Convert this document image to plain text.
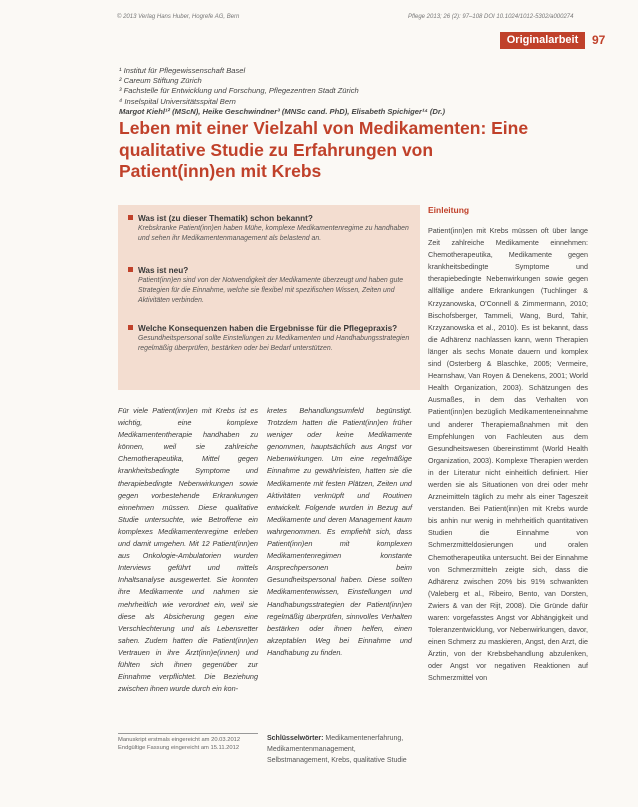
© 2013 Verlag Hans Huber, Hogrefe AG, Bern	Pflege 2013; 26 (2): 97–108 DOI 10.1024/1012-5302/a000274
Originalarbeit	97
¹ Institut für Pflegewissenschaft Basel
² Careum Stiftung Zürich
³ Fachstelle für Entwicklung und Forschung, Pflegezentren Stadt Zürich
⁴ Inselspital Universitätsspital Bern
Margot Kiehl¹² (MScN), Heike Geschwindner³ (MNSc cand. PhD), Elisabeth Spichiger¹⁴ (Dr.)
Leben mit einer Vielzahl von Medikamenten: Eine qualitative Studie zu Erfahrungen von Patient(inn)en mit Krebs
Was ist (zu dieser Thematik) schon bekannt?
Krebskranke Patient(inn)en haben Mühe, komplexe Medikamentenregime zu handhaben und sehen ihr Medikamentenmanagement als belastend an.
Was ist neu?
Patient(inn)en sind von der Notwendigkeit der Medikamente überzeugt und haben gute Strategien für die Einnahme, welche sie flexibel mit spezifischen Wissen, Zeiten und Aktivitäten verbinden.
Welche Konsequenzen haben die Ergebnisse für die Pflegepraxis?
Gesundheitspersonal sollte Einstellungen zu Medikamenten und Handhabungsstrategien regelmäßig überprüfen, bestärken oder bei Bedarf unterstützen.
Für viele Patient(inn)en mit Krebs ist es wichtig, eine komplexe Medikamententherapie handhaben zu können, weil sie zahlreiche Chemotherapeutika, Mittel gegen krankheitsbedingte Symptome und therapiebedingte Nebenwirkungen sowie gegen vorbestehende Erkrankungen einnehmen müssen. Diese qualitative Studie untersuchte, wie Betroffene ein komplexes Medikamentenregime erleben und damit umgehen. Mit 12 Patient(inn)en aus Onkologie-Ambulatorien wurden Interviews geführt und mittels Inhaltsanalyse ausgewertet. Sie konnten ihre Medikamente und nahmen sie mehrheitlich wie verordnet ein, weil sie diese als Absicherung gegen eine Verschlechterung und als Lebensretter sahen. Zudem hatten die Patient(inn)en Vertrauen in ihre Ärzt(inn)e(innen) und fühlten sich ihnen gegenüber zur Einnahme verpflichtet. Die Beziehung zwischen ihnen wurde durch ein kon-
kretes Behandlungsumfeld begünstigt. Trotzdem hatten die Patient(inn)en früher weniger oder keine Medikamente genommen, hauptsächlich aus Angst vor Nebenwirkungen. Um eine regelmäßige Einnahme zu gewährleisten, hatten sie die Medikamente mit festen Plätzen, Zeiten und Aktivitäten verknüpft und Routinen entwickelt. Folgende wurden in Bezug auf Medikamente und deren Management kaum wahrgenommen. Es empfiehlt sich, dass Patient(inn)en mit komplexen Medikamentenregimen konstante Ansprechpersonen beim Gesundheitspersonal haben. Diese sollten Medikamentenwissen, Einstellungen und Handhabungsstrategien der Patient(inn)en regelmäßig überprüfen, sinnvolles Verhalten bestärken oder ihnen helfen, einen akzeptablen Weg bei Einnahme und Handhabung zu finden.
Schlüsselwörter: Medikamentenerfahrung, Medikamentenmanagement, Selbstmanagement, Krebs, qualitative Studie
Manuskript erstmals eingereicht am 20.03.2012
Endgültige Fassung eingereicht am 15.11.2012
Einleitung
Patient(inn)en mit Krebs müssen oft über lange Zeit zahlreiche Medikamente einnehmen: Chemotherapeutika, Medikamente gegen krankheitsbedingte Symptome und therapiebedingte Nebenwirkungen sowie gegen allfällige andere Erkrankungen (Tuchlinger & Krzyzanowska, O'Connell & Zimmermann, 2010; Bischofsberger, Tammeli, Wang, Burd, Tahir, Krzyzanowska et al., 2010). Es ist bekannt, dass die Adhärenz nachlassen kann, wenn Therapien länger als sechs Monate dauern und komplex sind (Osterberg & Blaschke, 2005; Vermeire, Hearnshaw, Van Royen & Denekens, 2001; World Health Organization, 2003). Schätzungen des Ausmaßes, in dem das Verhalten von Patient(inn)en bezüglich Medikamenteneinnahme und anderer Therapiemaßnahmen mit den Empfehlungen von Fachleuten aus dem Gesundheitswesen übereinstimmt (World Health Organization, 2003). Komplexe Therapien werden in der Literatur nicht einheitlich definiert. Hier werden sie als Situationen von drei oder mehr Arzneimitteln täglich zu mehr als einer Tageszeit verstanden. Bei Patient(inn)en mit Krebs wurde bis anhin nur wenig in mehrheitlich quantitativen Studien die Einnahme von Schmerzmitteldosierungen und oralen Chemotherapeutika untersucht. Bei der Einnahme von Schmerzmitteln zeigte sich, dass die Adhärenz zwischen 20% bis 91% schwankten (Valeberg et al., Ribeiro, Bento, van Dorsten, Zwiers & van der Rijt, 2008). Die Gründe dafür waren: vorgefasstes Angst vor Abhängigkeit und Toleranzentwicklung, vor Nebenwirkungen, davor, einen Schmerz zu maskieren, Angst, den Arzt, die Ärztin, von der Krebsbehandlung abzulenken, oder Angst vor negativen Reaktionen auf Schmerzmittel von
